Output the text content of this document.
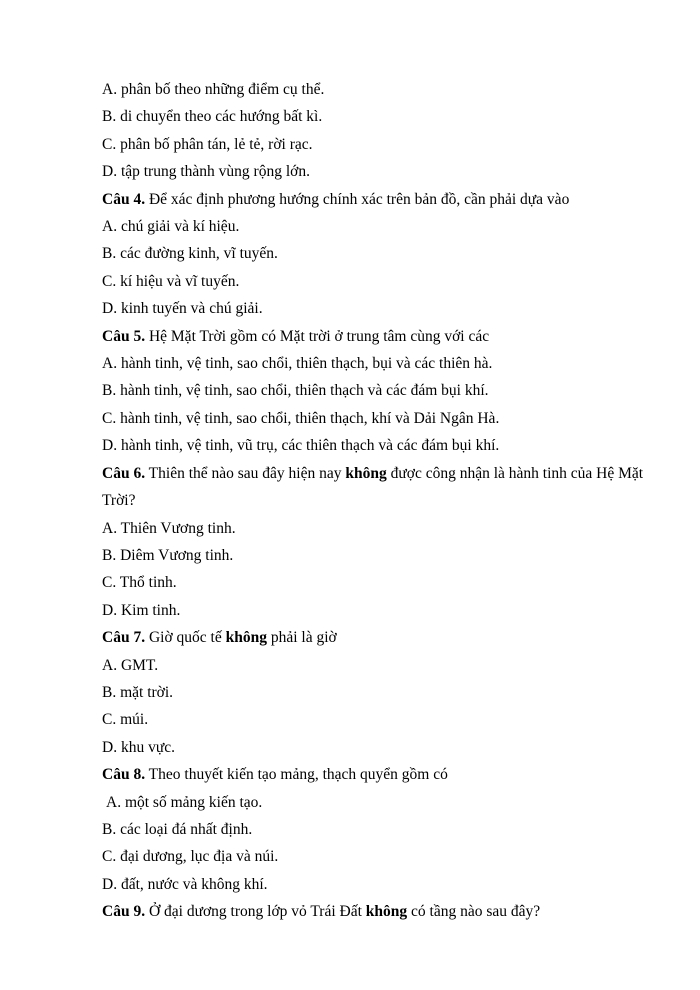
A. phân bố theo những điểm cụ thể.
B. di chuyển theo các hướng bất kì.
C. phân bố phân tán, lẻ tẻ, rời rạc.
D. tập trung thành vùng rộng lớn.
Câu 4. Để xác định phương hướng chính xác trên bản đồ, cần phải dựa vào
A. chú giải và kí hiệu.
B. các đường kinh, vĩ tuyến.
C. kí hiệu và vĩ tuyến.
D. kinh tuyến và chú giải.
Câu 5. Hệ Mặt Trời gồm có Mặt trời ở trung tâm cùng với các
A. hành tinh, vệ tinh, sao chổi, thiên thạch, bụi và các thiên hà.
B. hành tinh, vệ tinh, sao chổi, thiên thạch và các đám bụi khí.
C. hành tinh, vệ tinh, sao chổi, thiên thạch, khí và Dải Ngân Hà.
D. hành tinh, vệ tinh, vũ trụ, các thiên thạch và các đám bụi khí.
Câu 6. Thiên thể nào sau đây hiện nay không được công nhận là hành tinh của Hệ Mặt Trời?
A. Thiên Vương tinh.
B. Diêm Vương tinh.
C. Thổ tinh.
D. Kim tinh.
Câu 7. Giờ quốc tế không phải là giờ
A. GMT.
B. mặt trời.
C. múi.
D. khu vực.
Câu 8. Theo thuyết kiến tạo mảng, thạch quyển gồm có
A. một số mảng kiến tạo.
B. các loại đá nhất định.
C. đại dương, lục địa và núi.
D. đất, nước và không khí.
Câu 9. Ở đại dương trong lớp vỏ Trái Đất không có tầng nào sau đây?
